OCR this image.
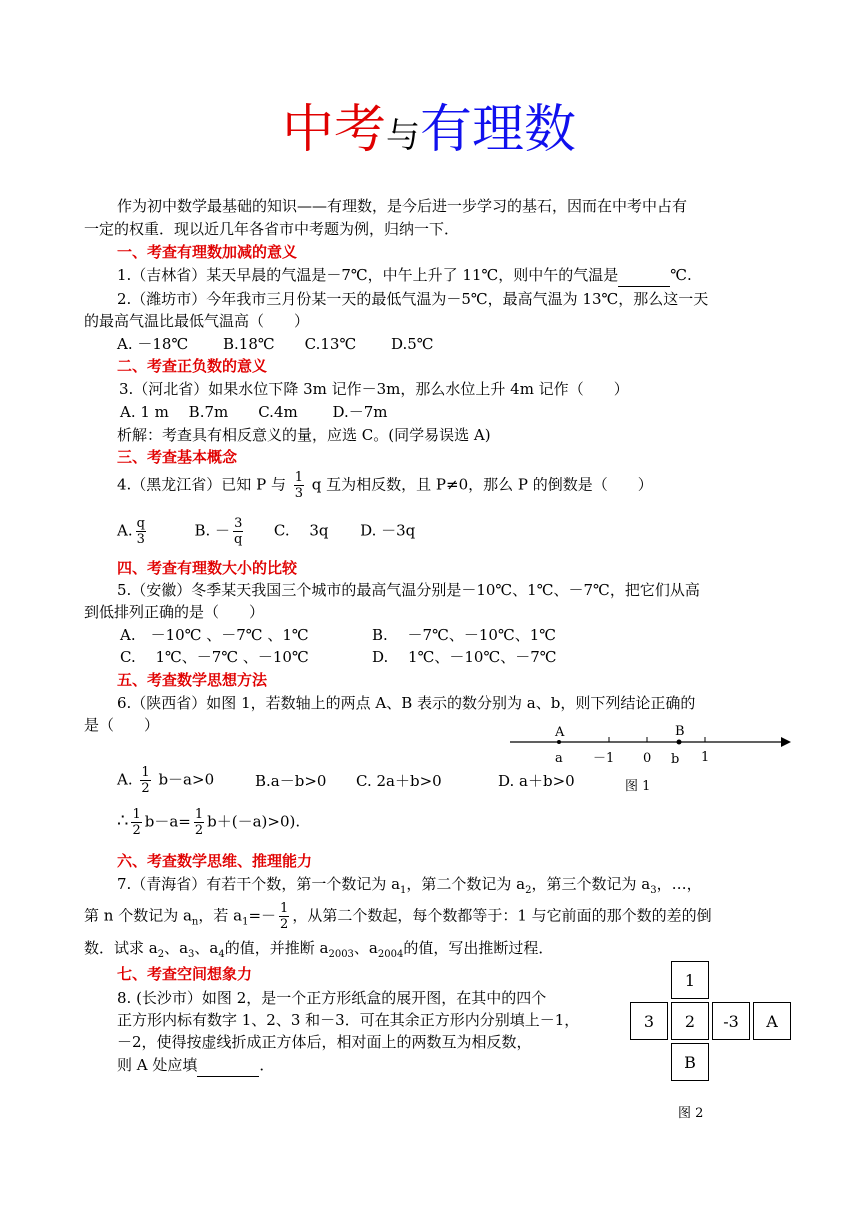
中考与有理数
作为初中数学最基础的知识——有理数，是今后进一步学习的基石，因而在中考中占有
一定的权重．现以近几年各省市中考题为例，归纳一下．
一、考查有理数加减的意义
1.（吉林省）某天早晨的气温是－7℃，中午上升了 11℃，则中午的气温是	℃.
2.（潍坊市）今年我市三月份某一天的最低气温为－5℃，最高气温为 13℃，那么这一天
的最高气温比最低气温高（　　）
A. －18℃　　 B.18℃　　C.13℃　　 D.5℃
二、考查正负数的意义
3.（河北省）如果水位下降 3m 记作－3m，那么水位上升 4m 记作（　　）
A. 1 m　 B.7m　　C.4m　　 D.－7m
析解：考查具有相反意义的量，应选 C。(同学易误选 A)
三、考查基本概念
4.（黑龙江省）已知 P 与 $\frac{1}{3}$ q 互为相反数，且 P≠0，那么 P 的倒数是（　　）
A. $\frac{q}{3}$	B. － $\frac{3}{q} C$.　 3q D. －3q
四、考查有理数大小的比较
5.（安徽）冬季某天我国三个城市的最高气温分别是－10℃、1℃、－7℃，把它们从高
到低排列正确的是（　　）
A.　－10℃ 、－7℃ 、1℃	B.　 －7℃、－10℃、1℃
C.　 1℃、－7℃ 、－10℃	D.　 1℃、－10℃、－7℃
五、考查数学思想方法
6.（陕西省）如图 1，若数轴上的两点 A、B 表示的数分别为 a、b，则下列结论正确的
是（　　）	A	B
a －1 0 b 1
图 1
A. $\frac{1}{2} b-a>0$	B.a－b>0 C. 2a＋b>0	D. a＋b>0
∴ $\frac{1}{2} b-a= \frac{1}{2} b+(-a)>0$).
六、考查数学思维、推理能力
7.（青海省）有若干个数，第一个数记为 $a_1$，第二个数记为 $a_2$，第三个数记为 $a_3$，…，
第 n 个数记为 $a_n$，若 $a_1=- \frac{1}{2}$ ，从第二个数起，每个数都等于：1 与它前面的那个数的差的倒
数．试求 $a_2$、$a_3$、$a_4$的值，并推断 $a_{2003}$、$a_{2004}$的值，写出推断过程．
七、考查空间想象力
8. (长沙市）如图 2，是一个正方形纸盒的展开图，在其中的四个
正方形内标有数字 1、2、3 和－3．可在其余正方形内分别填上－1，
－2，使得按虚线折成正方体后，相对面上的两数互为相反数，
则 A 处应填	．
1
3	2	-3	A
B
图 2
